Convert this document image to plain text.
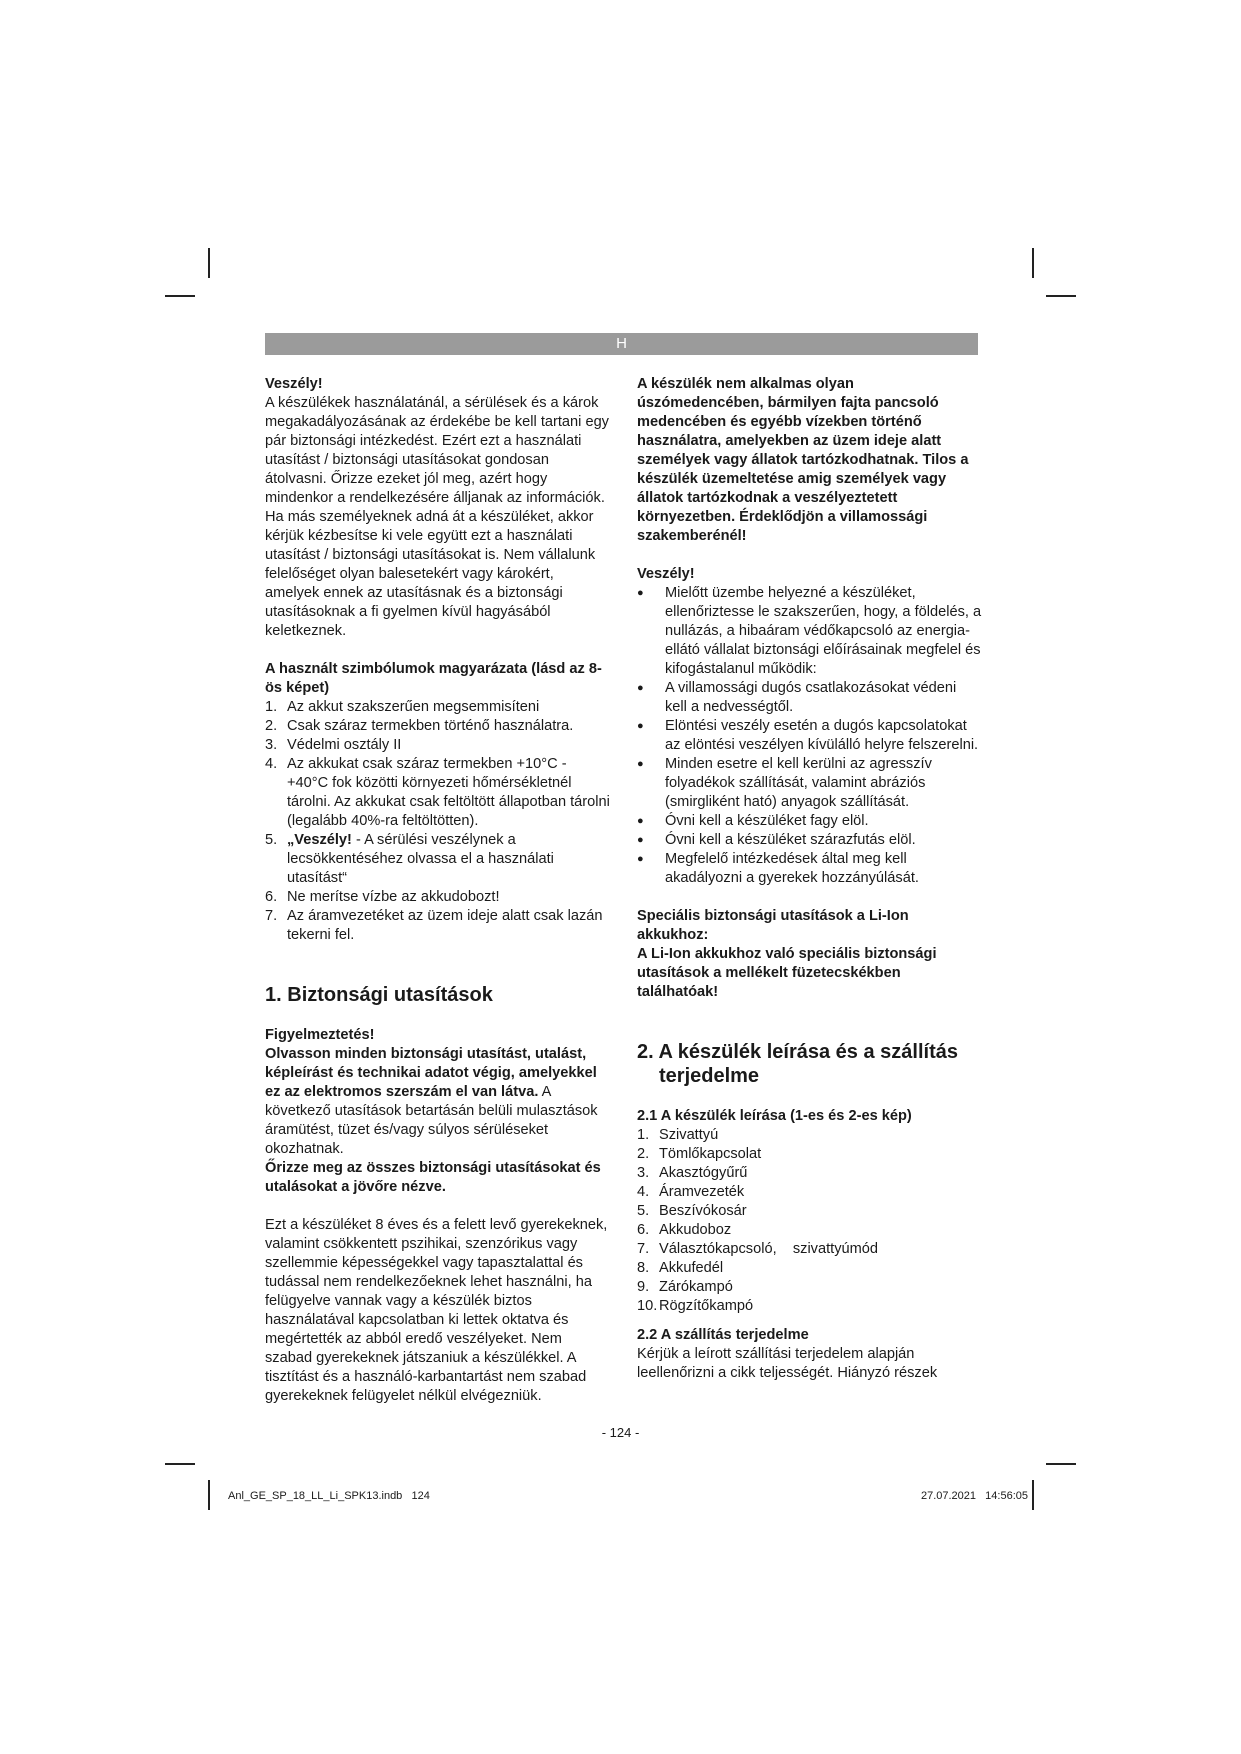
H

Veszély!

A készülékek használatánál, a sérülések és a károk megakadályozásának az érdekébe be kell tartani egy pár biztonsági intézkedést. Ezért ezt a használati utasítást / biztonsági utasításokat gondosan átolvasni. Őrizze ezeket jól meg, azért hogy mindenkor a rendelkezésére álljanak az információk. Ha más személyeknek adná át a készüléket, akkor kérjük kézbesítse ki vele együtt ezt a használati utasítást / biztonsági utasításokat is. Nem vállalunk felelőséget olyan balesetekért vagy károkért, amelyek ennek az utasításnak és a biztonsági utasításoknak a fi gyelmen kívül hagyásából keletkeznek.

A használt szimbólumok magyarázata (lásd az 8-ös képet)

1. Az akkut szakszerűen megsemmisíteni
2. Csak száraz termekben történő használatra.
3. Védelmi osztály II
4. Az akkukat csak száraz termekben +10°C - +40°C fok közötti környezeti hőmérsékletnél tárolni. Az akkukat csak feltöltött állapotban tárolni (legalább 40%-ra feltöltötten).
5. „Veszély! - A sérülési veszélynek a lecsökkentéséhez olvassa el a használati utasítást“
6. Ne merítse vízbe az akkudobozt!
7. Az áramvezetéket az üzem ideje alatt csak lazán tekerni fel.

1. Biztonsági utasítások

Figyelmeztetés!

Olvasson minden biztonsági utasítást, utalást, képleírást és technikai adatot végig, amelyekkel ez az elektromos szerszám el van látva. A következő utasítások betartásán belüli mulasztások áramütést, tüzet és/vagy súlyos sérüléseket okozhatnak.

Őrizze meg az összes biztonsági utasításokat és utalásokat a jövőre nézve.

Ezt a készüléket 8 éves és a felett levő gyerekeknek, valamint csökkentett pszihikai, szenzórikus vagy szellemmie képességekkel vagy tapasztalattal és tudással nem rendelkezőeknek lehet használni, ha felügyelve vannak vagy a készülék biztos használatával kapcsolatban ki lettek oktatva és megértették az abból eredő veszélyeket. Nem szabad gyerekeknek játszaniuk a készülékkel. A tisztítást és a használó-karbantartást nem szabad gyerekeknek felügyelet nélkül elvégezniük.

A készülék nem alkalmas olyan úszómedencében, bármilyen fajta pancsoló medencében és egyébb vízekben történő használatra, amelyekben az üzem ideje alatt személyek vagy állatok tartózkodhatnak. Tilos a készülék üzemeltetése amig személyek vagy állatok tartózkodnak a veszélyeztetett környezetben. Érdeklődjön a villamossági szakemberénél!

Veszély!

● Mielőtt üzembe helyezné a készüléket, ellenőriztesse le szakszerűen, hogy, a földelés, a nullázás, a hibaáram védőkapcsoló az energia-ellátó vállalat biztonsági előírásainak megfelel és kifogástalanul működik:
● A villamossági dugós csatlakozásokat védeni kell a nedvességtől.
● Elöntési veszély esetén a dugós kapcsolatokat az elöntési veszélyen kívülálló helyre felszerelni.
● Minden esetre el kell kerülni az agresszív folyadékok szállítását, valamint abráziós (smirgliként ható) anyagok szállítását.
● Óvni kell a készüléket fagy elöl.
● Óvni kell a készüléket szárazfutás elöl.
● Megfelelő intézkedések által meg kell akadályozni a gyerekek hozzányúlását.

Speciális biztonsági utasítások a Li-Ion akkukhoz:

A Li-Ion akkukhoz való speciális biztonsági utasítások a mellékelt füzetecskékben találhatóak!

2. A készülék leírása és a szállítás
terjedelme

2.1 A készülék leírása (1-es és 2-es kép)

1. Szivattyú
2. Tömlőkapcsolat
3. Akasztógyűrű
4. Áramvezeték
5. Beszívókosár
6. Akkudoboz
7. Választókapcsoló,    szivattyúmód
8. Akkufedél
9. Zárókampó
10. Rögzítőkampó

2.2 A szállítás terjedelme

Kérjük a leírott szállítási terjedelem alapján leellenőrizni a cikk teljességét. Hiányzó részek

- 124 -
Anl_GE_SP_18_LL_Li_SPK13.indb   124	27.07.2021   14:56:05
